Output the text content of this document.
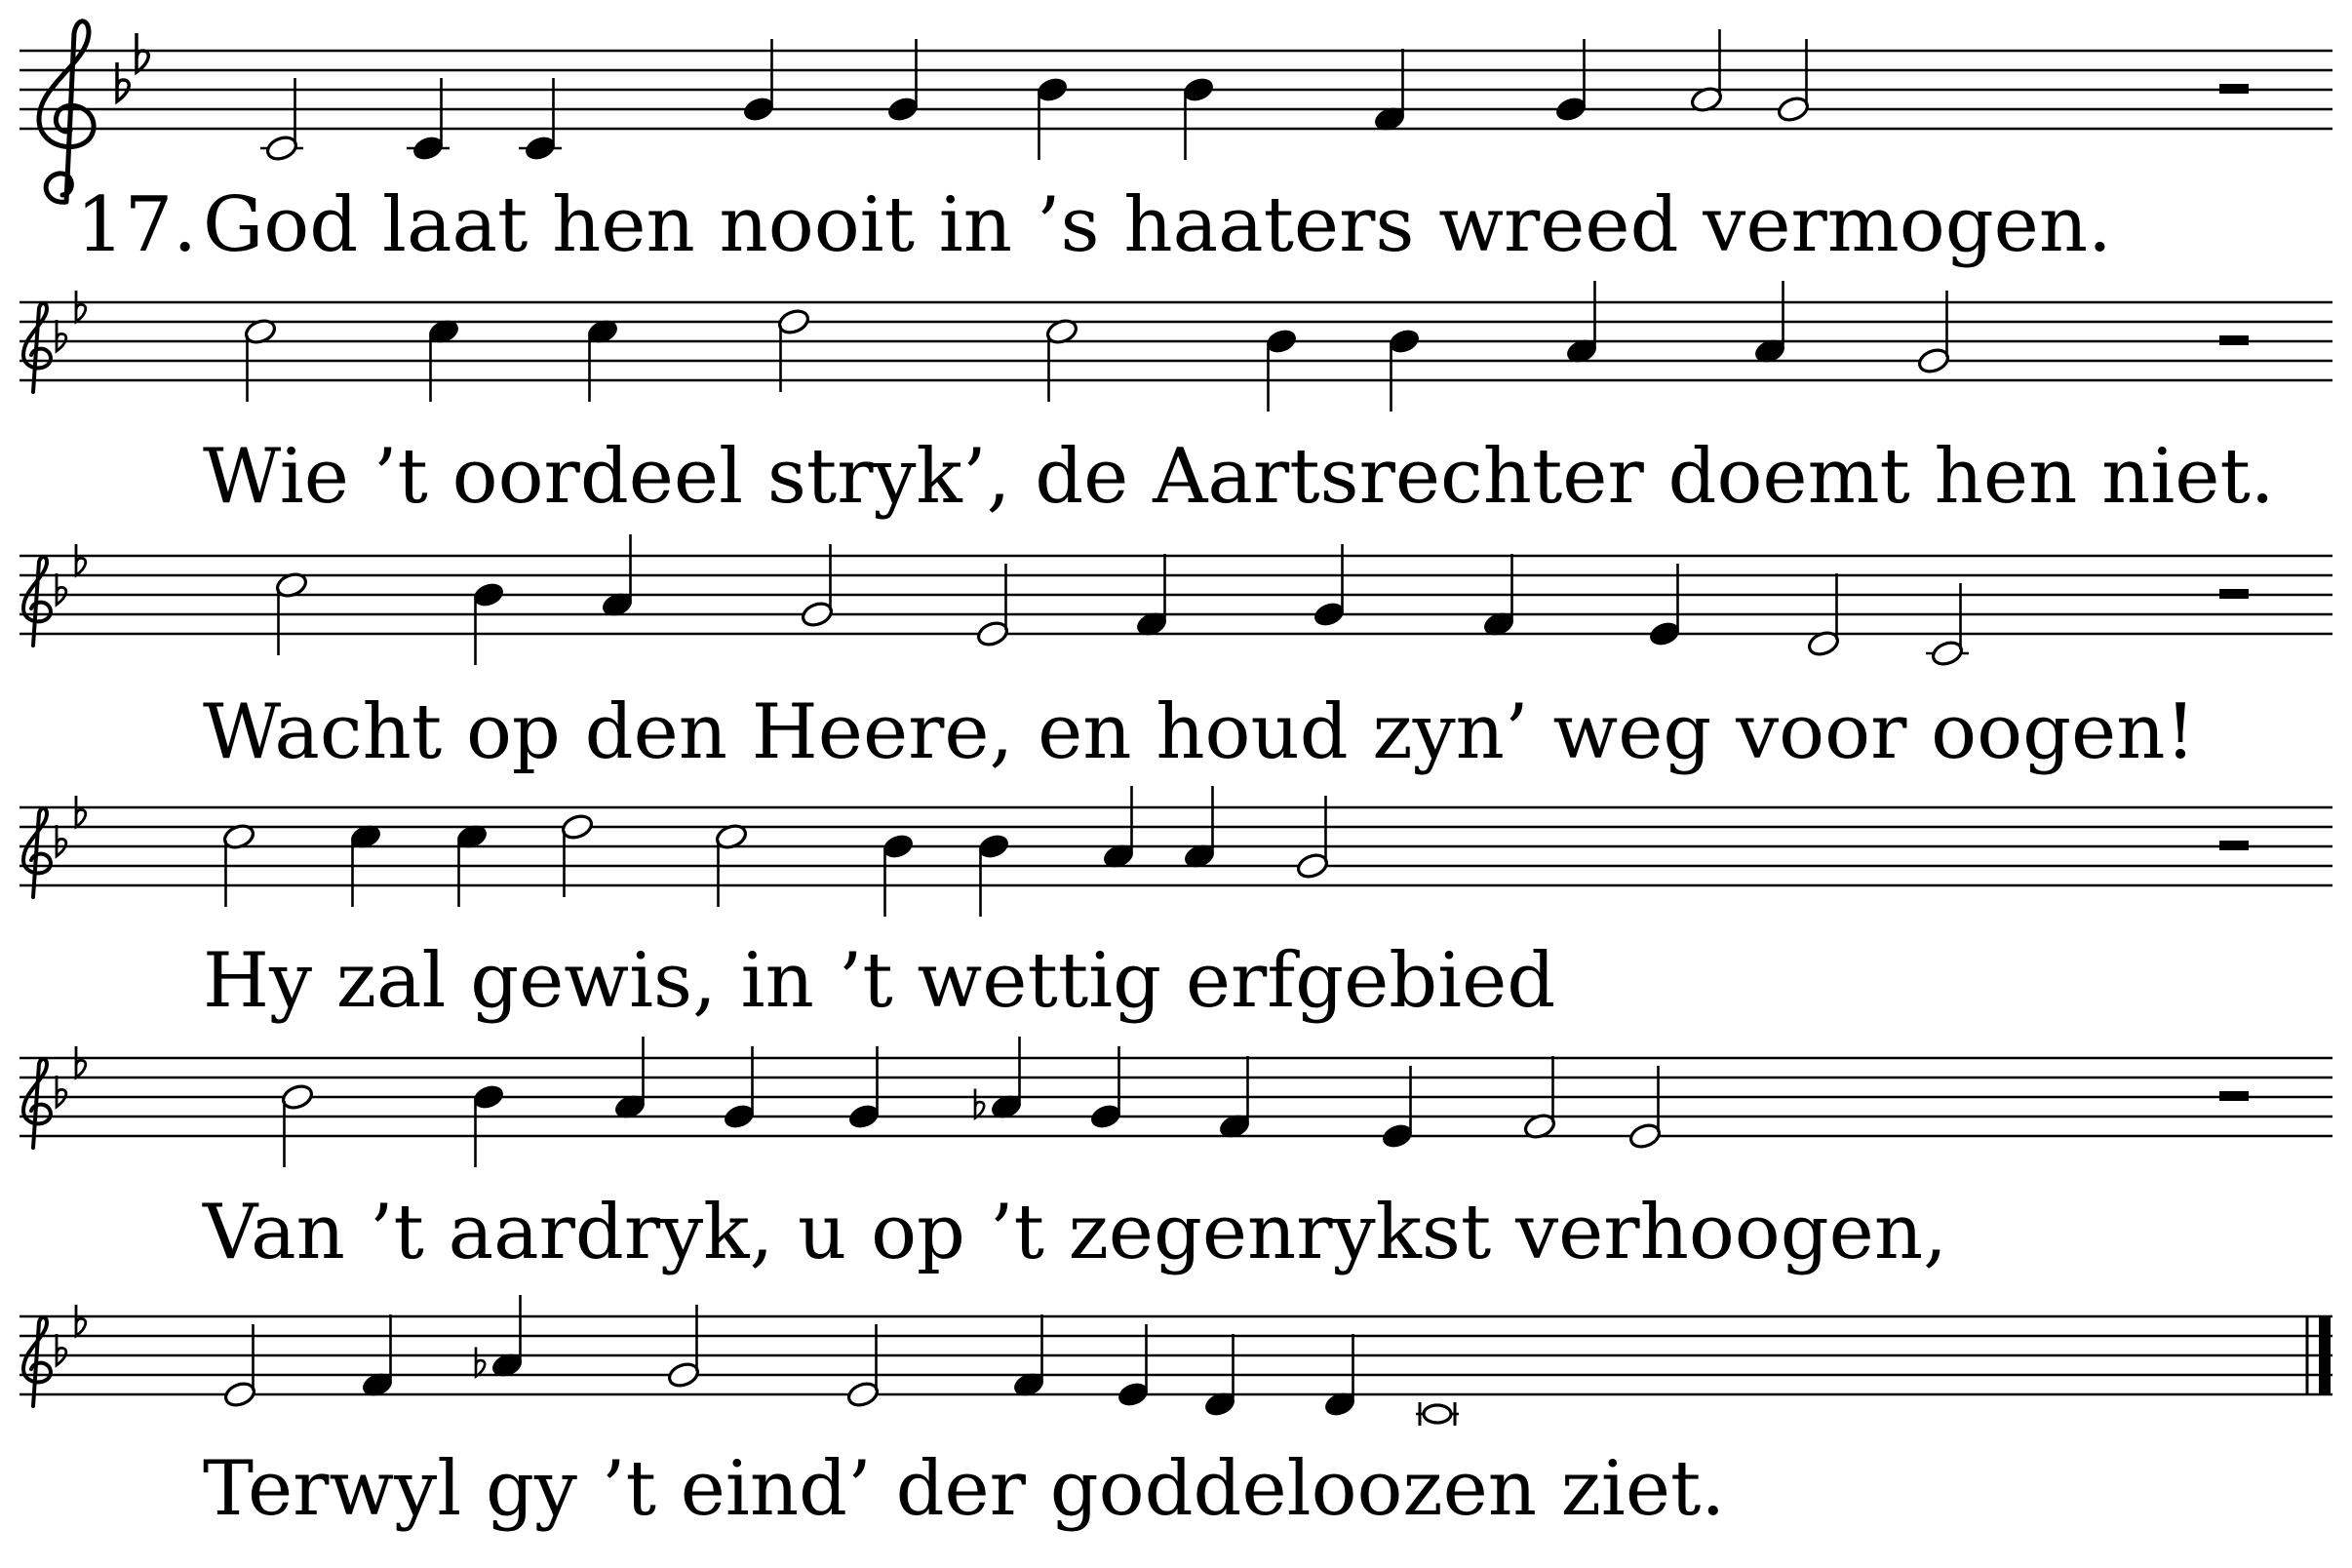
17. God laat hen nooit in ’s haaters wreed vermogen.
Wie ’t oordeel stryk’, de Aartsrechter doemt hen niet.
Wacht op den Heere, en houd zyn’ weg voor oogen!
Hy zal gewis, in ’t wettig erfgebied
Van ’t aardryk, u op ’t zegenrykst verhoogen,
Terwyl gy ’t eind’ der goddeloozen ziet.
